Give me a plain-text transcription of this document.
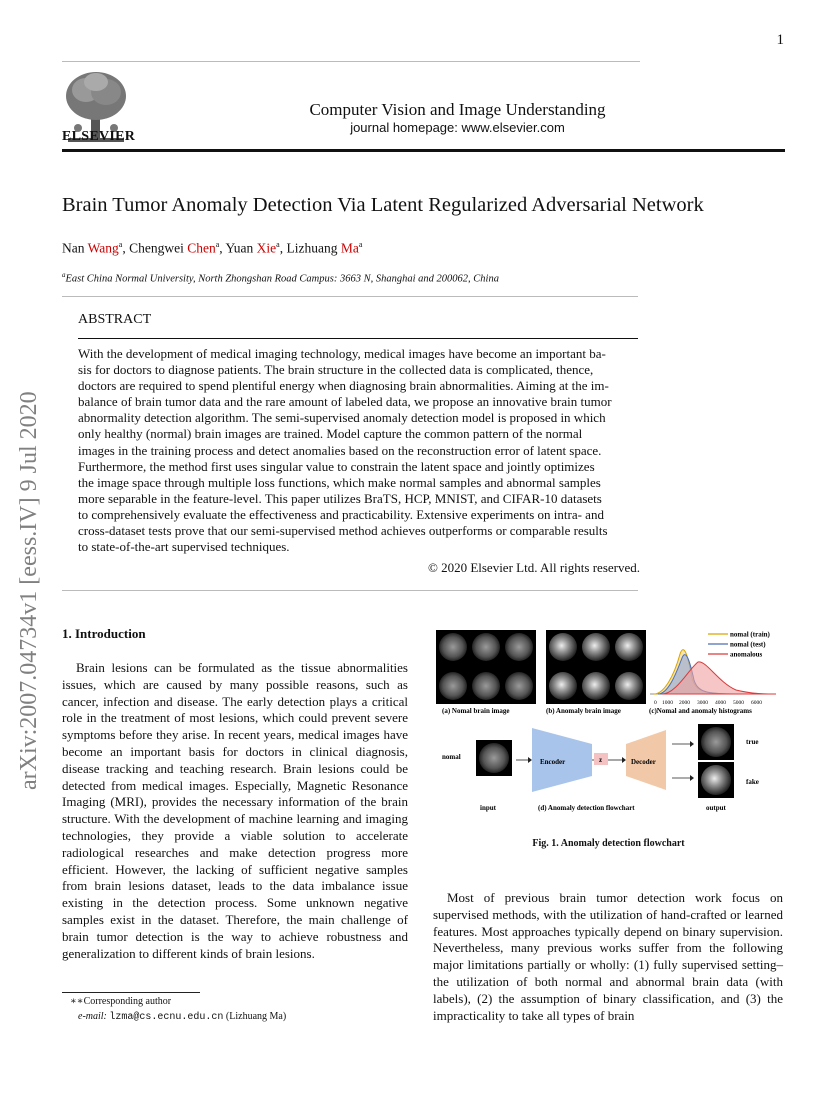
1
ELSEVIER
Computer Vision and Image Understanding
journal homepage: www.elsevier.com
Brain Tumor Anomaly Detection Via Latent Regularized Adversarial Network
Nan Wang$^a$, Chengwei Chen$^a$, Yuan Xie$^a$, Lizhuang Ma$^a$
$^a$East China Normal University, North Zhongshan Road Campus: 3663 N, Shanghai and 200062, China
ABSTRACT
With the development of medical imaging technology, medical images have become an important ba-
sis for doctors to diagnose patients. The brain structure in the collected data is complicated, thence,
doctors are required to spend plentiful energy when diagnosing brain abnormalities. Aiming at the im-
balance of brain tumor data and the rare amount of labeled data, we propose an innovative brain tumor
abnormality detection algorithm. The semi-supervised anomaly detection model is proposed in which
only healthy (normal) brain images are trained. Model capture the common pattern of the normal
images in the training process and detect anomalies based on the reconstruction error of latent space.
Furthermore, the method first uses singular value to constrain the latent space and jointly optimizes
the image space through multiple loss functions, which make normal samples and abnormal samples
more separable in the feature-level. This paper utilizes BraTS, HCP, MNIST, and CIFAR-10 datasets
to comprehensively evaluate the effectiveness and practicability. Extensive experiments on intra- and
cross-dataset tests prove that our semi-supervised method achieves outperforms or comparable results
to state-of-the-art supervised techniques.
© 2020 Elsevier Ltd. All rights reserved.
arXiv:2007.04734v1 [eess.IV] 9 Jul 2020 1. Introduction

Brain lesions can be formulated as the tissue abnormalities issues, which are caused by many possible reasons, such as cancer, infection and disease. The early detection plays a critical role in the treatment of most lesions, which could prevent severe symptoms before they arise. In recent years, medical images have become an important basis for doctors in clinical diagnosis, disease tracking and teaching research. Brain lesions could be detected from medical images. Especially, Magnetic Resonance Imaging (MRI), provides the necessary information of the brain structure. With the development of machine learning and imaging technologies, they provide a viable solution to accelerate radiological researches and make detection progress more efficient. However, the lacking of sufficient negative samples from brain lesions dataset, leads to the data imbalance issue existing in the detection process. Some unknown negative samples exist in the dataset. Therefore, the main challenge of brain tumor detection is the way to achieve robustness and generalization to different kinds of brain lesions.

Most of previous brain tumor detection work focus on supervised methods, with the utilization of hand-crafted or learned features. Most approaches typically depend on binary supervision. Nevertheless, many previous works suffer from the following major limitations partially or wholly: (1) fully supervised setting–the utilization of both normal and abnormal brain data (with labels), (2) the assumption of binary classification, and (3) the impracticality to take all types of brain

∗∗Corresponding author
e-mail: lzma@cs.ecnu.edu.cn (Lizhuang Ma)
0 1000 2000 3000 4000 5000 6000
nomal (train)
nomal (test)
anomalous
(a) Nomal brain image	(b) Anomaly brain image	(c)Nomal and anomaly histograms
nomal
input
Encoder	z	Decoder
true
fake
output
(d) Anomaly detection flowchart
Fig. 1. Anomaly detection flowchart
